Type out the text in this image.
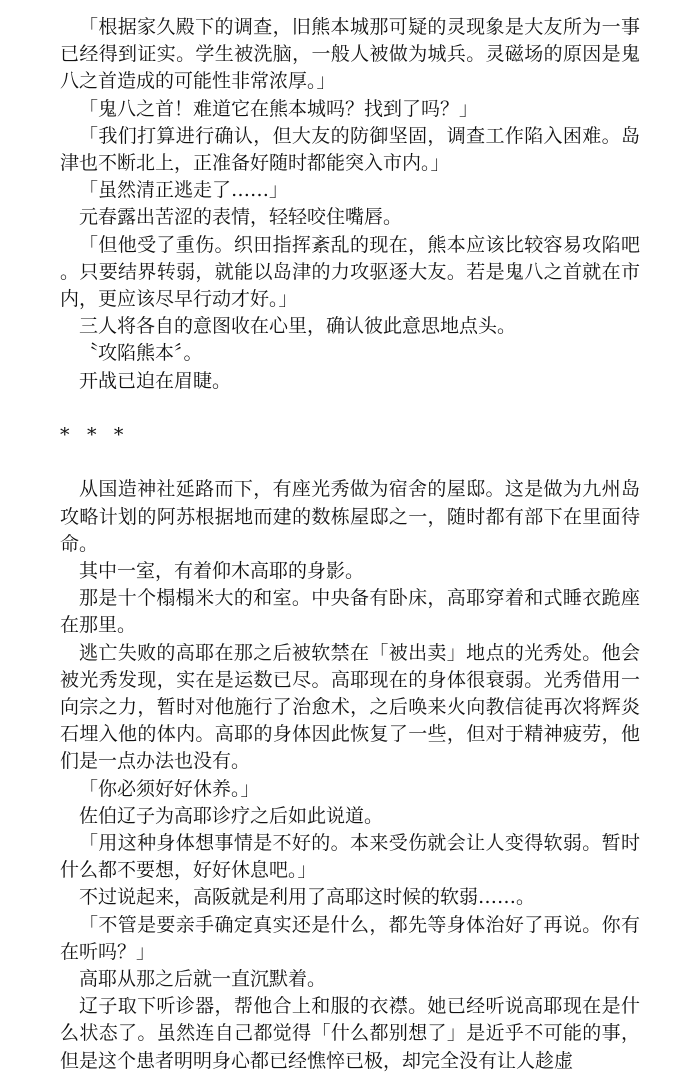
「根据家久殿下的调查，旧熊本城那可疑的灵现象是大友所为一事已经得到证实。学生被洗脑，一般人被做为城兵。灵磁场的原因是鬼八之首造成的可能性非常浓厚。」

「鬼八之首！难道它在熊本城吗？找到了吗？」

「我们打算进行确认，但大友的防御坚固，调查工作陷入困难。岛津也不断北上，正准备好随时都能突入市内。」

「虽然清正逃走了……」

元春露出苦涩的表情，轻轻咬住嘴唇。

「但他受了重伤。织田指挥紊乱的现在，熊本应该比较容易攻陷吧。只要结界转弱，就能以岛津的力攻驱逐大友。若是鬼八之首就在市内，更应该尽早行动才好。」

三人将各自的意图收在心里，确认彼此意思地点头。

〝攻陷熊本〞。

开战已迫在眉睫。

* * *

从国造神社延路而下，有座光秀做为宿舍的屋邸。这是做为九州岛攻略计划的阿苏根据地而建的数栋屋邸之一，随时都有部下在里面待命。

其中一室，有着仰木高耶的身影。

那是十个榻榻米大的和室。中央备有卧床，高耶穿着和式睡衣跪座在那里。

逃亡失败的高耶在那之后被软禁在「被出卖」地点的光秀处。他会被光秀发现，实在是运数已尽。高耶现在的身体很衰弱。光秀借用一向宗之力，暂时对他施行了治愈术，之后唤来火向教信徒再次将辉炎石埋入他的体内。高耶的身体因此恢复了一些，但对于精神疲劳，他们是一点办法也没有。

「你必须好好休养。」

佐伯辽子为高耶诊疗之后如此说道。

「用这种身体想事情是不好的。本来受伤就会让人变得软弱。暂时什么都不要想，好好休息吧。」

不过说起来，高阪就是利用了高耶这时候的软弱……。

「不管是要亲手确定真实还是什么，都先等身体治好了再说。你有在听吗？」

高耶从那之后就一直沉默着。

辽子取下听诊器，帮他合上和服的衣襟。她已经听说高耶现在是什么状态了。虽然连自己都觉得「什么都别想了」是近乎不可能的事，但是这个患者明明身心都已经憔悴已极，却完全没有让人趁虚
